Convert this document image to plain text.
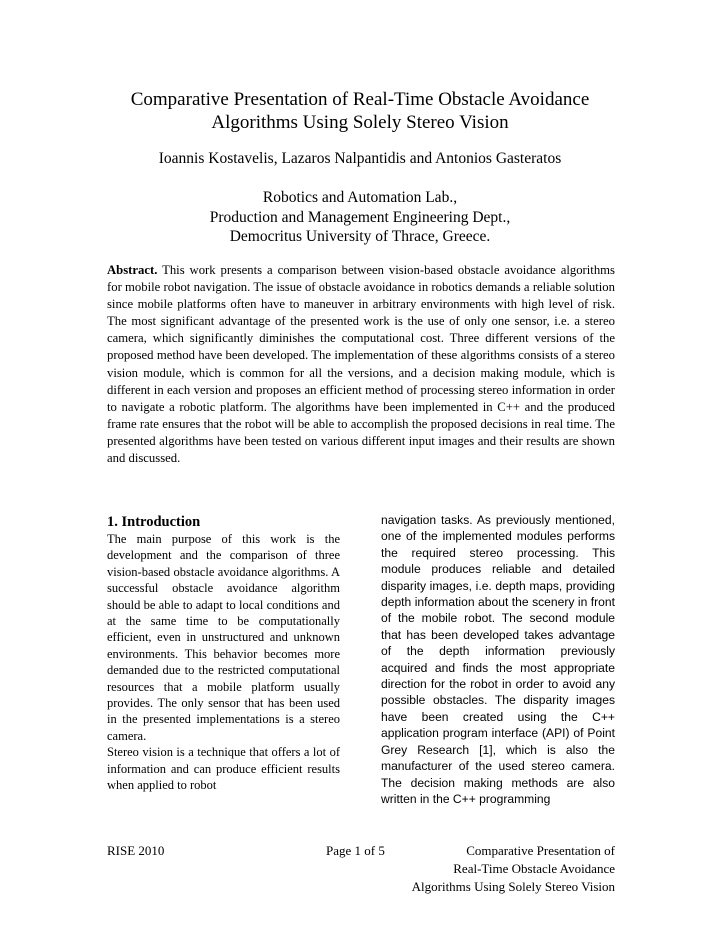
Comparative Presentation of Real-Time Obstacle Avoidance
Algorithms Using Solely Stereo Vision
Ioannis Kostavelis, Lazaros Nalpantidis and Antonios Gasteratos
Robotics and Automation Lab.,
Production and Management Engineering Dept.,
Democritus University of Thrace, Greece.
Abstract. This work presents a comparison between vision-based obstacle avoidance algorithms for mobile robot navigation. The issue of obstacle avoidance in robotics demands a reliable solution since mobile platforms often have to maneuver in arbitrary environments with high level of risk. The most significant advantage of the presented work is the use of only one sensor, i.e. a stereo camera, which significantly diminishes the computational cost. Three different versions of the proposed method have been developed. The implementation of these algorithms consists of a stereo vision module, which is common for all the versions, and a decision making module, which is different in each version and proposes an efficient method of processing stereo information in order to navigate a robotic platform. The algorithms have been implemented in C++ and the produced frame rate ensures that the robot will be able to accomplish the proposed decisions in real time. The presented algorithms have been tested on various different input images and their results are shown and discussed.
1. Introduction

The main purpose of this work is the development and the comparison of three vision-based obstacle avoidance algorithms. A successful obstacle avoidance algorithm should be able to adapt to local conditions and at the same time to be computationally efficient, even in unstructured and unknown environments. This behavior becomes more demanded due to the restricted computational resources that a mobile platform usually provides. The only sensor that has been used in the presented implementations is a stereo camera.

Stereo vision is a technique that offers a lot of information and can produce efficient results when applied to robot

navigation tasks. As previously mentioned, one of the implemented modules performs the required stereo processing. This module produces reliable and detailed disparity images, i.e. depth maps, providing depth information about the scenery in front of the mobile robot. The second module that has been developed takes advantage of the depth information previously acquired and finds the most appropriate direction for the robot in order to avoid any possible obstacles. The disparity images have been created using the C++ application program interface (API) of Point Grey Research [1], which is also the manufacturer of the used stereo camera. The decision making methods are also written in the C++ programming

RISE 2010	Page 1 of 5	Comparative Presentation of
Real-Time Obstacle Avoidance
Algorithms Using Solely Stereo Vision
